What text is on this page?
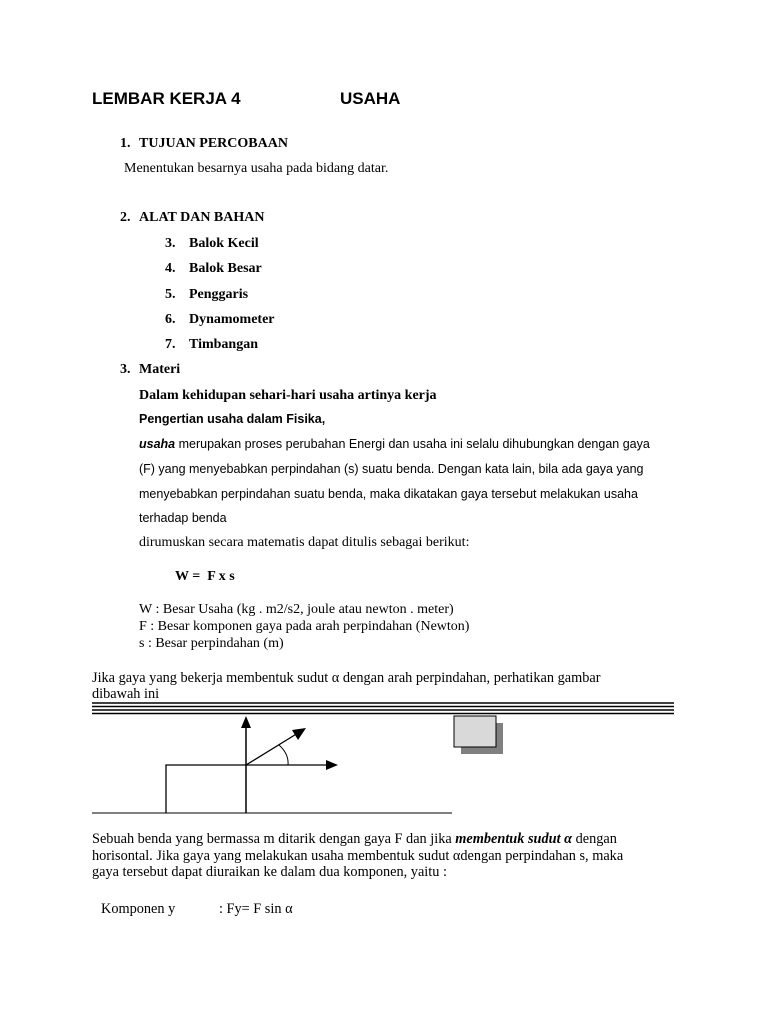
LEMBAR KERJA 4	USAHA
1. TUJUAN PERCOBAAN
Menentukan besarnya usaha pada bidang datar.
2. ALAT DAN BAHAN
3. Balok Kecil
4. Balok Besar
5. Penggaris
6. Dynamometer
7. Timbangan
3. Materi
Dalam kehidupan sehari-hari usaha artinya kerja
Pengertian usaha dalam Fisika,
usaha merupakan proses perubahan Energi dan usaha ini selalu dihubungkan dengan gaya
(F) yang menyebabkan perpindahan (s) suatu benda. Dengan kata lain, bila ada gaya yang
menyebabkan perpindahan suatu benda, maka dikatakan gaya tersebut melakukan usaha
terhadap benda
dirumuskan secara matematis dapat ditulis sebagai berikut:
W =  F x s
W : Besar Usaha (kg . m2/s2, joule atau newton . meter)
F : Besar komponen gaya pada arah perpindahan (Newton)
s : Besar perpindahan (m)
Jika gaya yang bekerja membentuk sudut α dengan arah perpindahan, perhatikan gambar
dibawah ini
Sebuah benda yang bermassa m ditarik dengan gaya F dan jika membentuk sudut α dengan
horisontal. Jika gaya yang melakukan usaha membentuk sudut αdengan perpindahan s, maka
gaya tersebut dapat diuraikan ke dalam dua komponen, yaitu :
Komponen y	: Fy= F sin α
